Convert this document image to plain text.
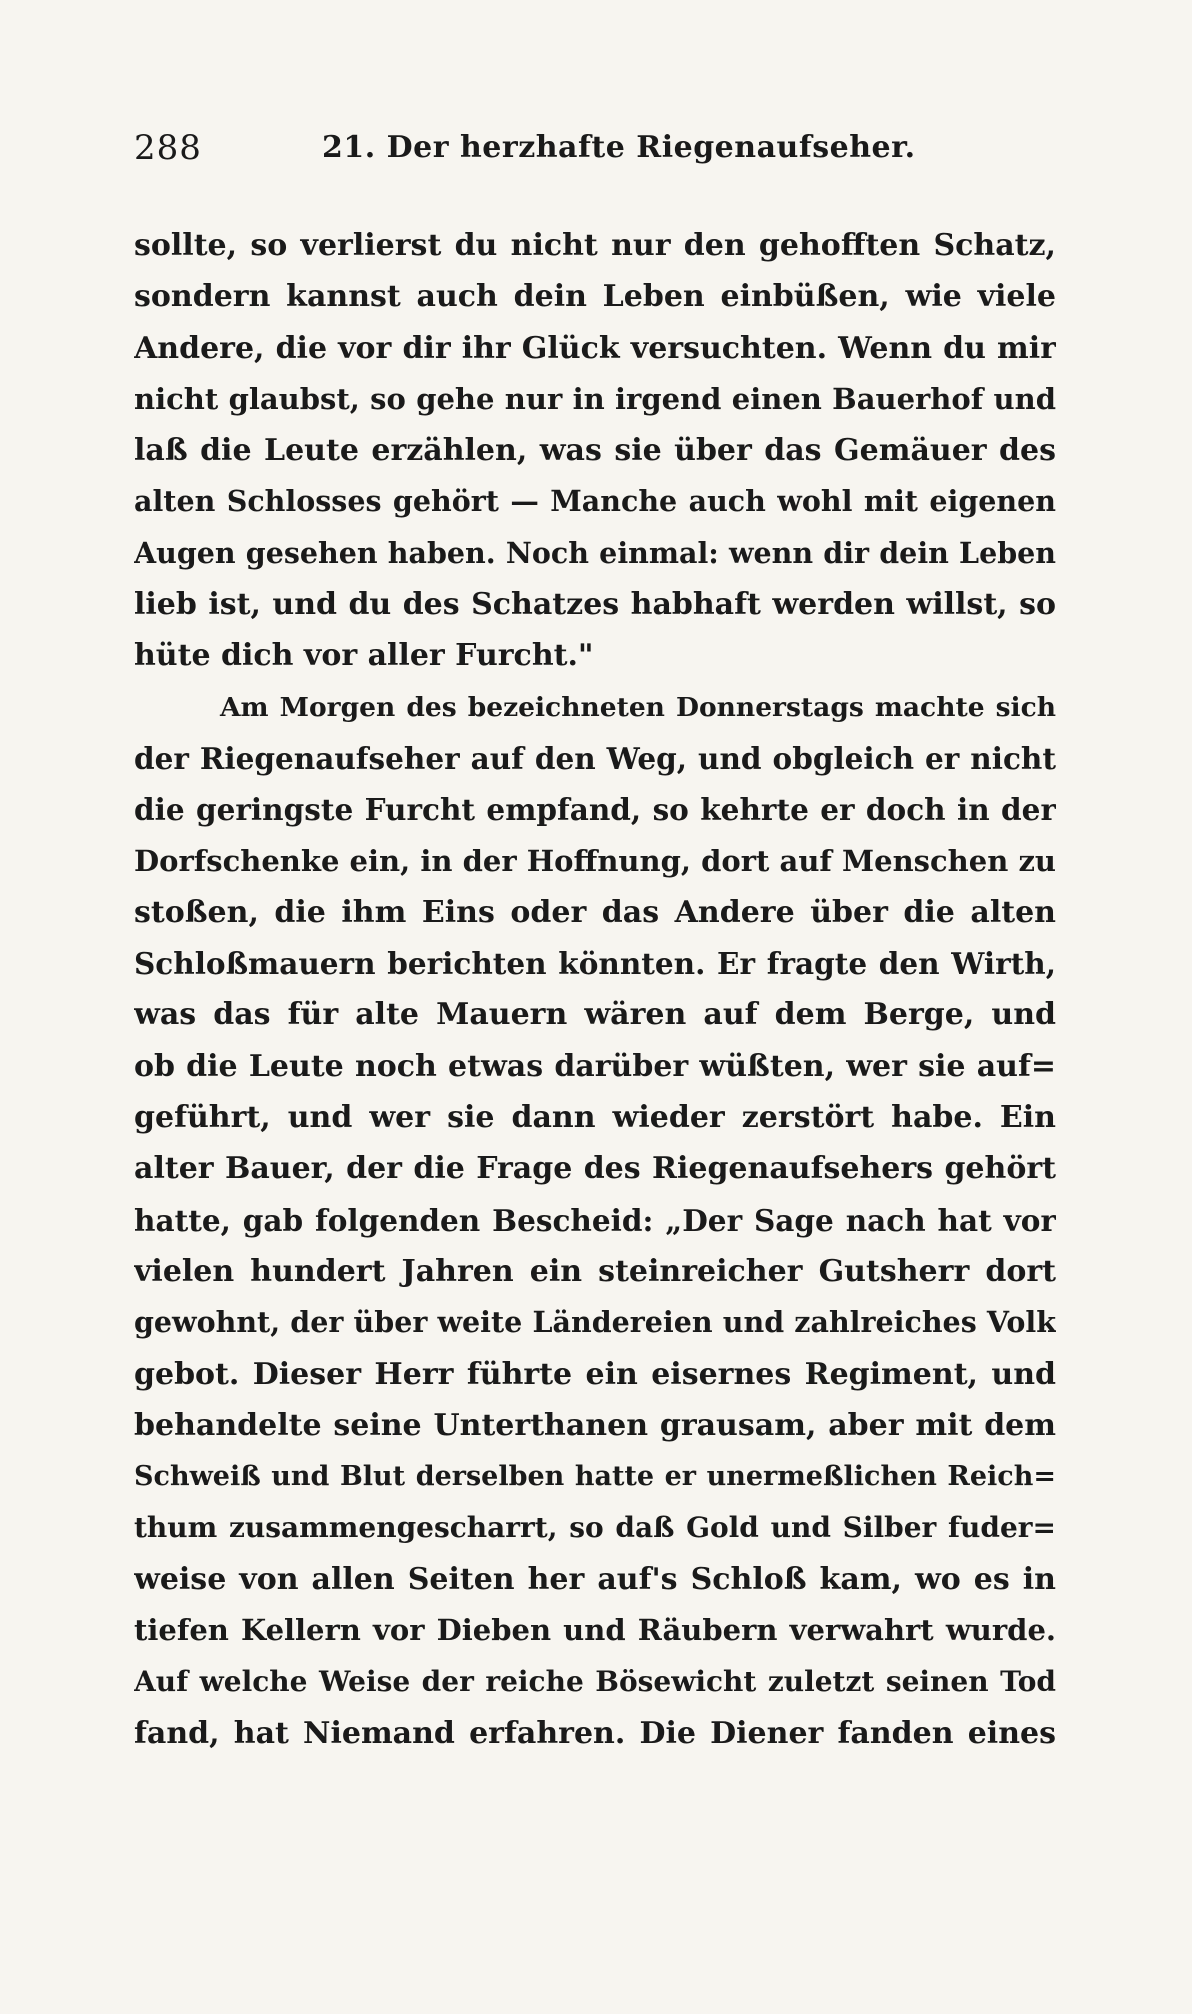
288	21. Der herzhafte Riegenaufseher.
sollte, so verlierst du nicht nur den gehofften Schatz,
sondern kannst auch dein Leben einbüßen, wie viele
Andere, die vor dir ihr Glück versuchten. Wenn du mir
nicht glaubst, so gehe nur in irgend einen Bauerhof und
laß die Leute erzählen, was sie über das Gemäuer des
alten Schlosses gehört — Manche auch wohl mit eigenen
Augen gesehen haben. Noch einmal: wenn dir dein Leben
lieb ist, und du des Schatzes habhaft werden willst, so
hüte dich vor aller Furcht."
Am Morgen des bezeichneten Donnerstags machte sich
der Riegenaufseher auf den Weg, und obgleich er nicht
die geringste Furcht empfand, so kehrte er doch in der
Dorfschenke ein, in der Hoffnung, dort auf Menschen zu
stoßen, die ihm Eins oder das Andere über die alten
Schloßmauern berichten könnten. Er fragte den Wirth,
was das für alte Mauern wären auf dem Berge, und
ob die Leute noch etwas darüber wüßten, wer sie auf=
geführt, und wer sie dann wieder zerstört habe. Ein
alter Bauer, der die Frage des Riegenaufsehers gehört
hatte, gab folgenden Bescheid: „Der Sage nach hat vor
vielen hundert Jahren ein steinreicher Gutsherr dort
gewohnt, der über weite Ländereien und zahlreiches Volk
gebot. Dieser Herr führte ein eisernes Regiment, und
behandelte seine Unterthanen grausam, aber mit dem
Schweiß und Blut derselben hatte er unermeßlichen Reich=
thum zusammengescharrt, so daß Gold und Silber fuder=
weise von allen Seiten her auf's Schloß kam, wo es in
tiefen Kellern vor Dieben und Räubern verwahrt wurde.
Auf welche Weise der reiche Bösewicht zuletzt seinen Tod
fand, hat Niemand erfahren. Die Diener fanden eines
